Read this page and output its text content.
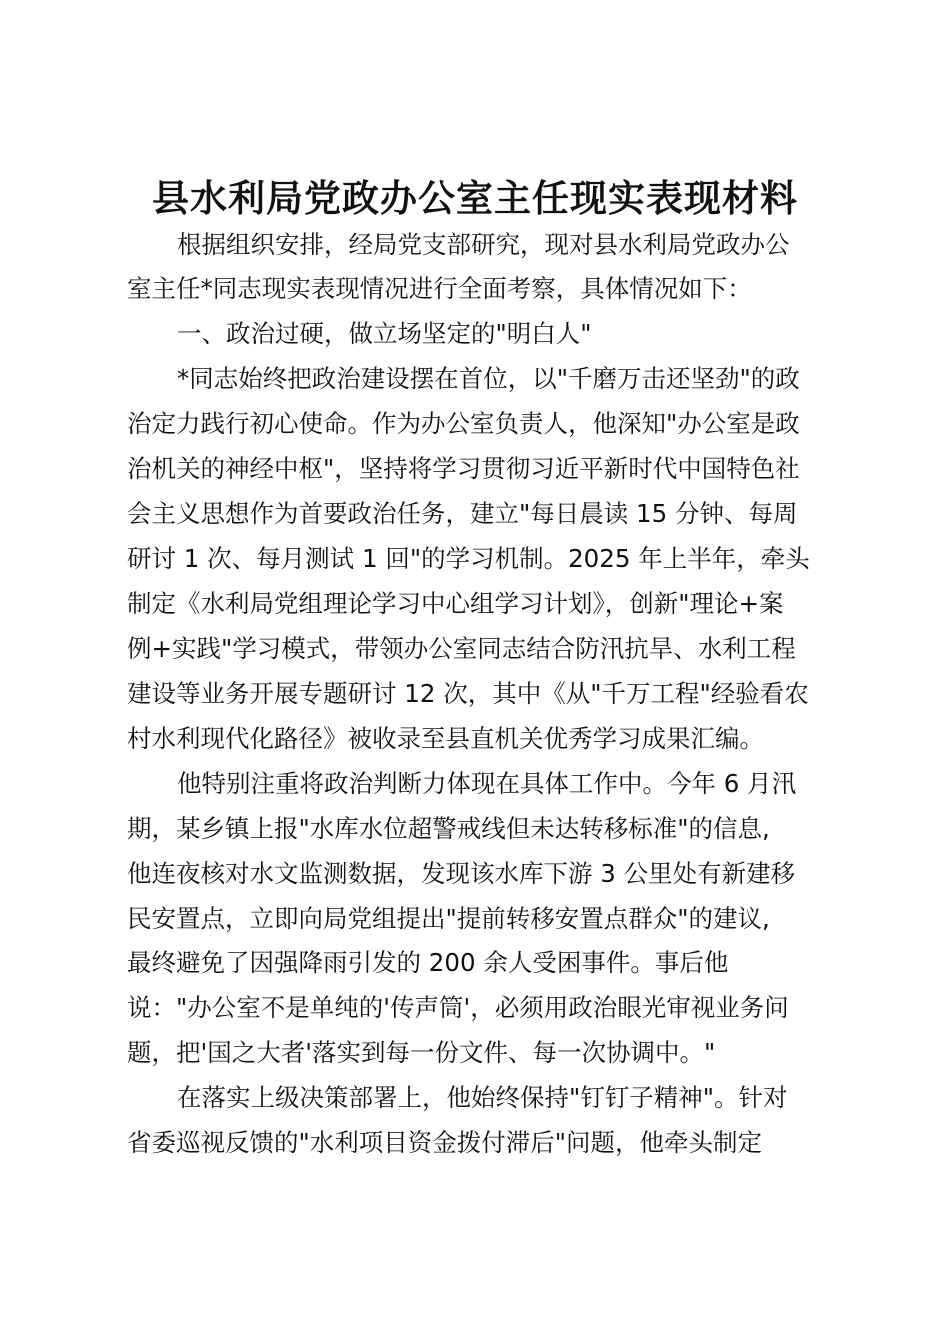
县水利局党政办公室主任现实表现材料
根据组织安排，经局党支部研究，现对县水利局党政办公
室主任*同志现实表现情况进行全面考察，具体情况如下：
一、政治过硬，做立场坚定的"明白人"
*同志始终把政治建设摆在首位，以"千磨万击还坚劲"的政
治定力践行初心使命。作为办公室负责人，他深知"办公室是政
治机关的神经中枢"，坚持将学习贯彻习近平新时代中国特色社
会主义思想作为首要政治任务，建立"每日晨读 15 分钟、每周
研讨 1 次、每月测试 1 回"的学习机制。2025 年上半年，牵头
制定《水利局党组理论学习中心组学习计划》，创新"理论+案
例+实践"学习模式，带领办公室同志结合防汛抗旱、水利工程
建设等业务开展专题研讨 12 次，其中《从"千万工程"经验看农
村水利现代化路径》被收录至县直机关优秀学习成果汇编。
他特别注重将政治判断力体现在具体工作中。今年 6 月汛
期，某乡镇上报"水库水位超警戒线但未达转移标准"的信息,
他连夜核对水文监测数据，发现该水库下游 3 公里处有新建移
民安置点，立即向局党组提出"提前转移安置点群众"的建议,
最终避免了因强降雨引发的 200 余人受困事件。事后他
说："办公室不是单纯的'传声筒'，必须用政治眼光审视业务问
题，把'国之大者'落实到每一份文件、每一次协调中。"
在落实上级决策部署上，他始终保持"钉钉子精神"。针对
省委巡视反馈的"水利项目资金拨付滞后"问题，他牵头制定
